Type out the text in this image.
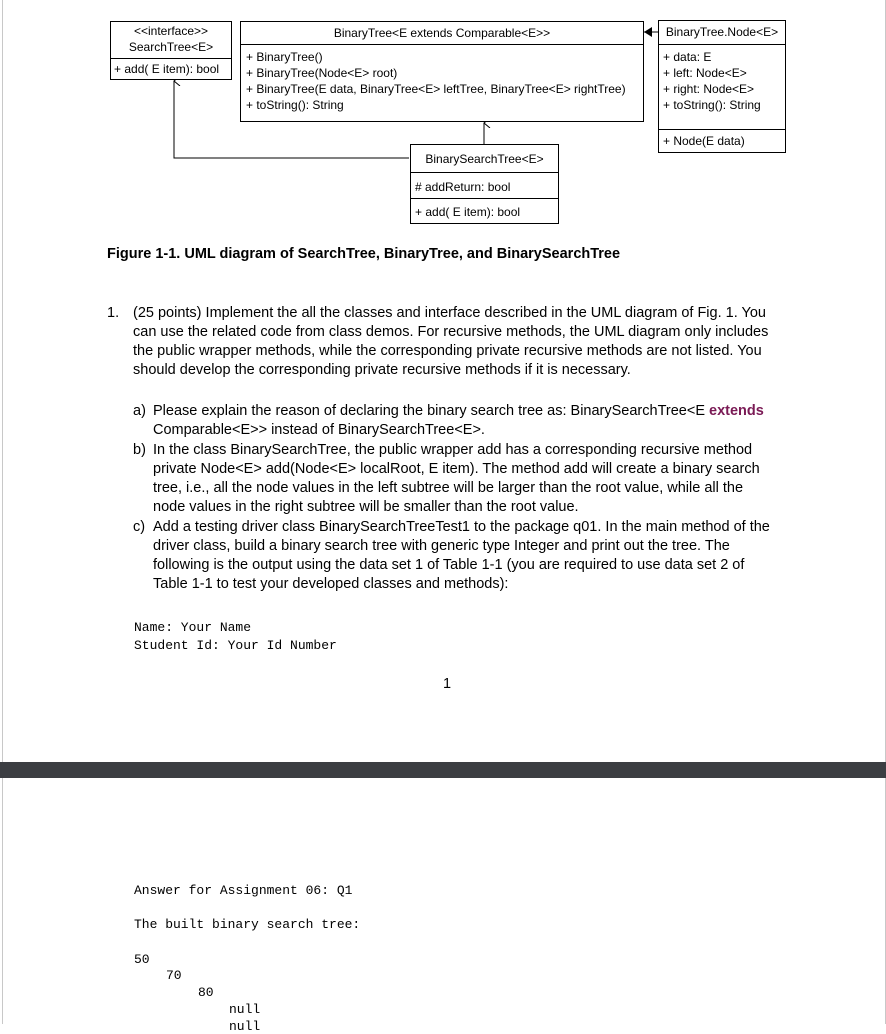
<<interface>>
SearchTree<E>
+ add( E item): bool
BinaryTree<E extends Comparable<E>>
+ BinaryTree()
+ BinaryTree(Node<E> root)
+ BinaryTree(E data, BinaryTree<E> leftTree, BinaryTree<E> rightTree)
+ toString(): String
BinaryTree.Node<E>
+ data: E
+ left: Node<E>
+ right: Node<E>
+ toString(): String
+ Node(E data)
BinarySearchTree<E>
# addReturn: bool
+ add( E item): bool
Figure 1-1. UML diagram of SearchTree, BinaryTree, and BinarySearchTree
1. (25 points) Implement the all the classes and interface described in the UML diagram of Fig. 1. You
can use the related code from class demos. For recursive methods, the UML diagram only includes
the public wrapper methods, while the corresponding private recursive methods are not listed. You
should develop the corresponding private recursive methods if it is necessary.
a) Please explain the reason of declaring the binary search tree as: BinarySearchTree<E extends
Comparable<E>> instead of BinarySearchTree<E>.
b) In the class BinarySearchTree, the public wrapper add has a corresponding recursive method
private Node<E> add(Node<E> localRoot, E item). The method add will create a binary search
tree, i.e., all the node values in the left subtree will be larger than the root value, while all the
node values in the right subtree will be smaller than the root value.
c) Add a testing driver class BinarySearchTreeTest1 to the package q01. In the main method of the
driver class, build a binary search tree with generic type Integer and print out the tree. The
following is the output using the data set 1 of Table 1-1 (you are required to use data set 2 of
Table 1-1 to test your developed classes and methods):
Name: Your Name
Student Id: Your Id Number
1
Answer for Assignment 06: Q1
The built binary search tree:
50
70
80
null
null
